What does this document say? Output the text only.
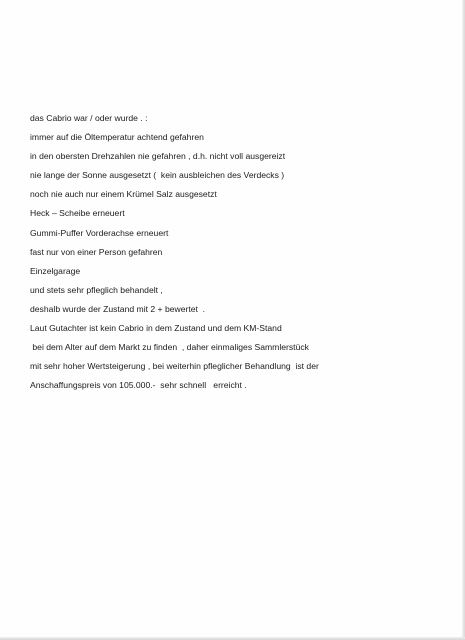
das Cabrio war / oder wurde . :
immer auf die Öltemperatur achtend gefahren
in den obersten Drehzahlen nie gefahren , d.h. nicht voll ausgereizt
nie lange der Sonne ausgesetzt (  kein ausbleichen des Verdecks )
noch nie auch nur einem Krümel Salz ausgesetzt
Heck – Scheibe erneuert
Gummi-Puffer Vorderachse erneuert
fast nur von einer Person gefahren
Einzelgarage
und stets sehr pfleglich behandelt ,
deshalb wurde der Zustand mit 2 + bewertet  .
Laut Gutachter ist kein Cabrio in dem Zustand und dem KM-Stand
bei dem Alter auf dem Markt zu finden  , daher einmaliges Sammlerstück
mit sehr hoher Wertsteigerung , bei weiterhin pfleglicher Behandlung  ist der
Anschaffungspreis von 105.000.-  sehr schnell   erreicht .
